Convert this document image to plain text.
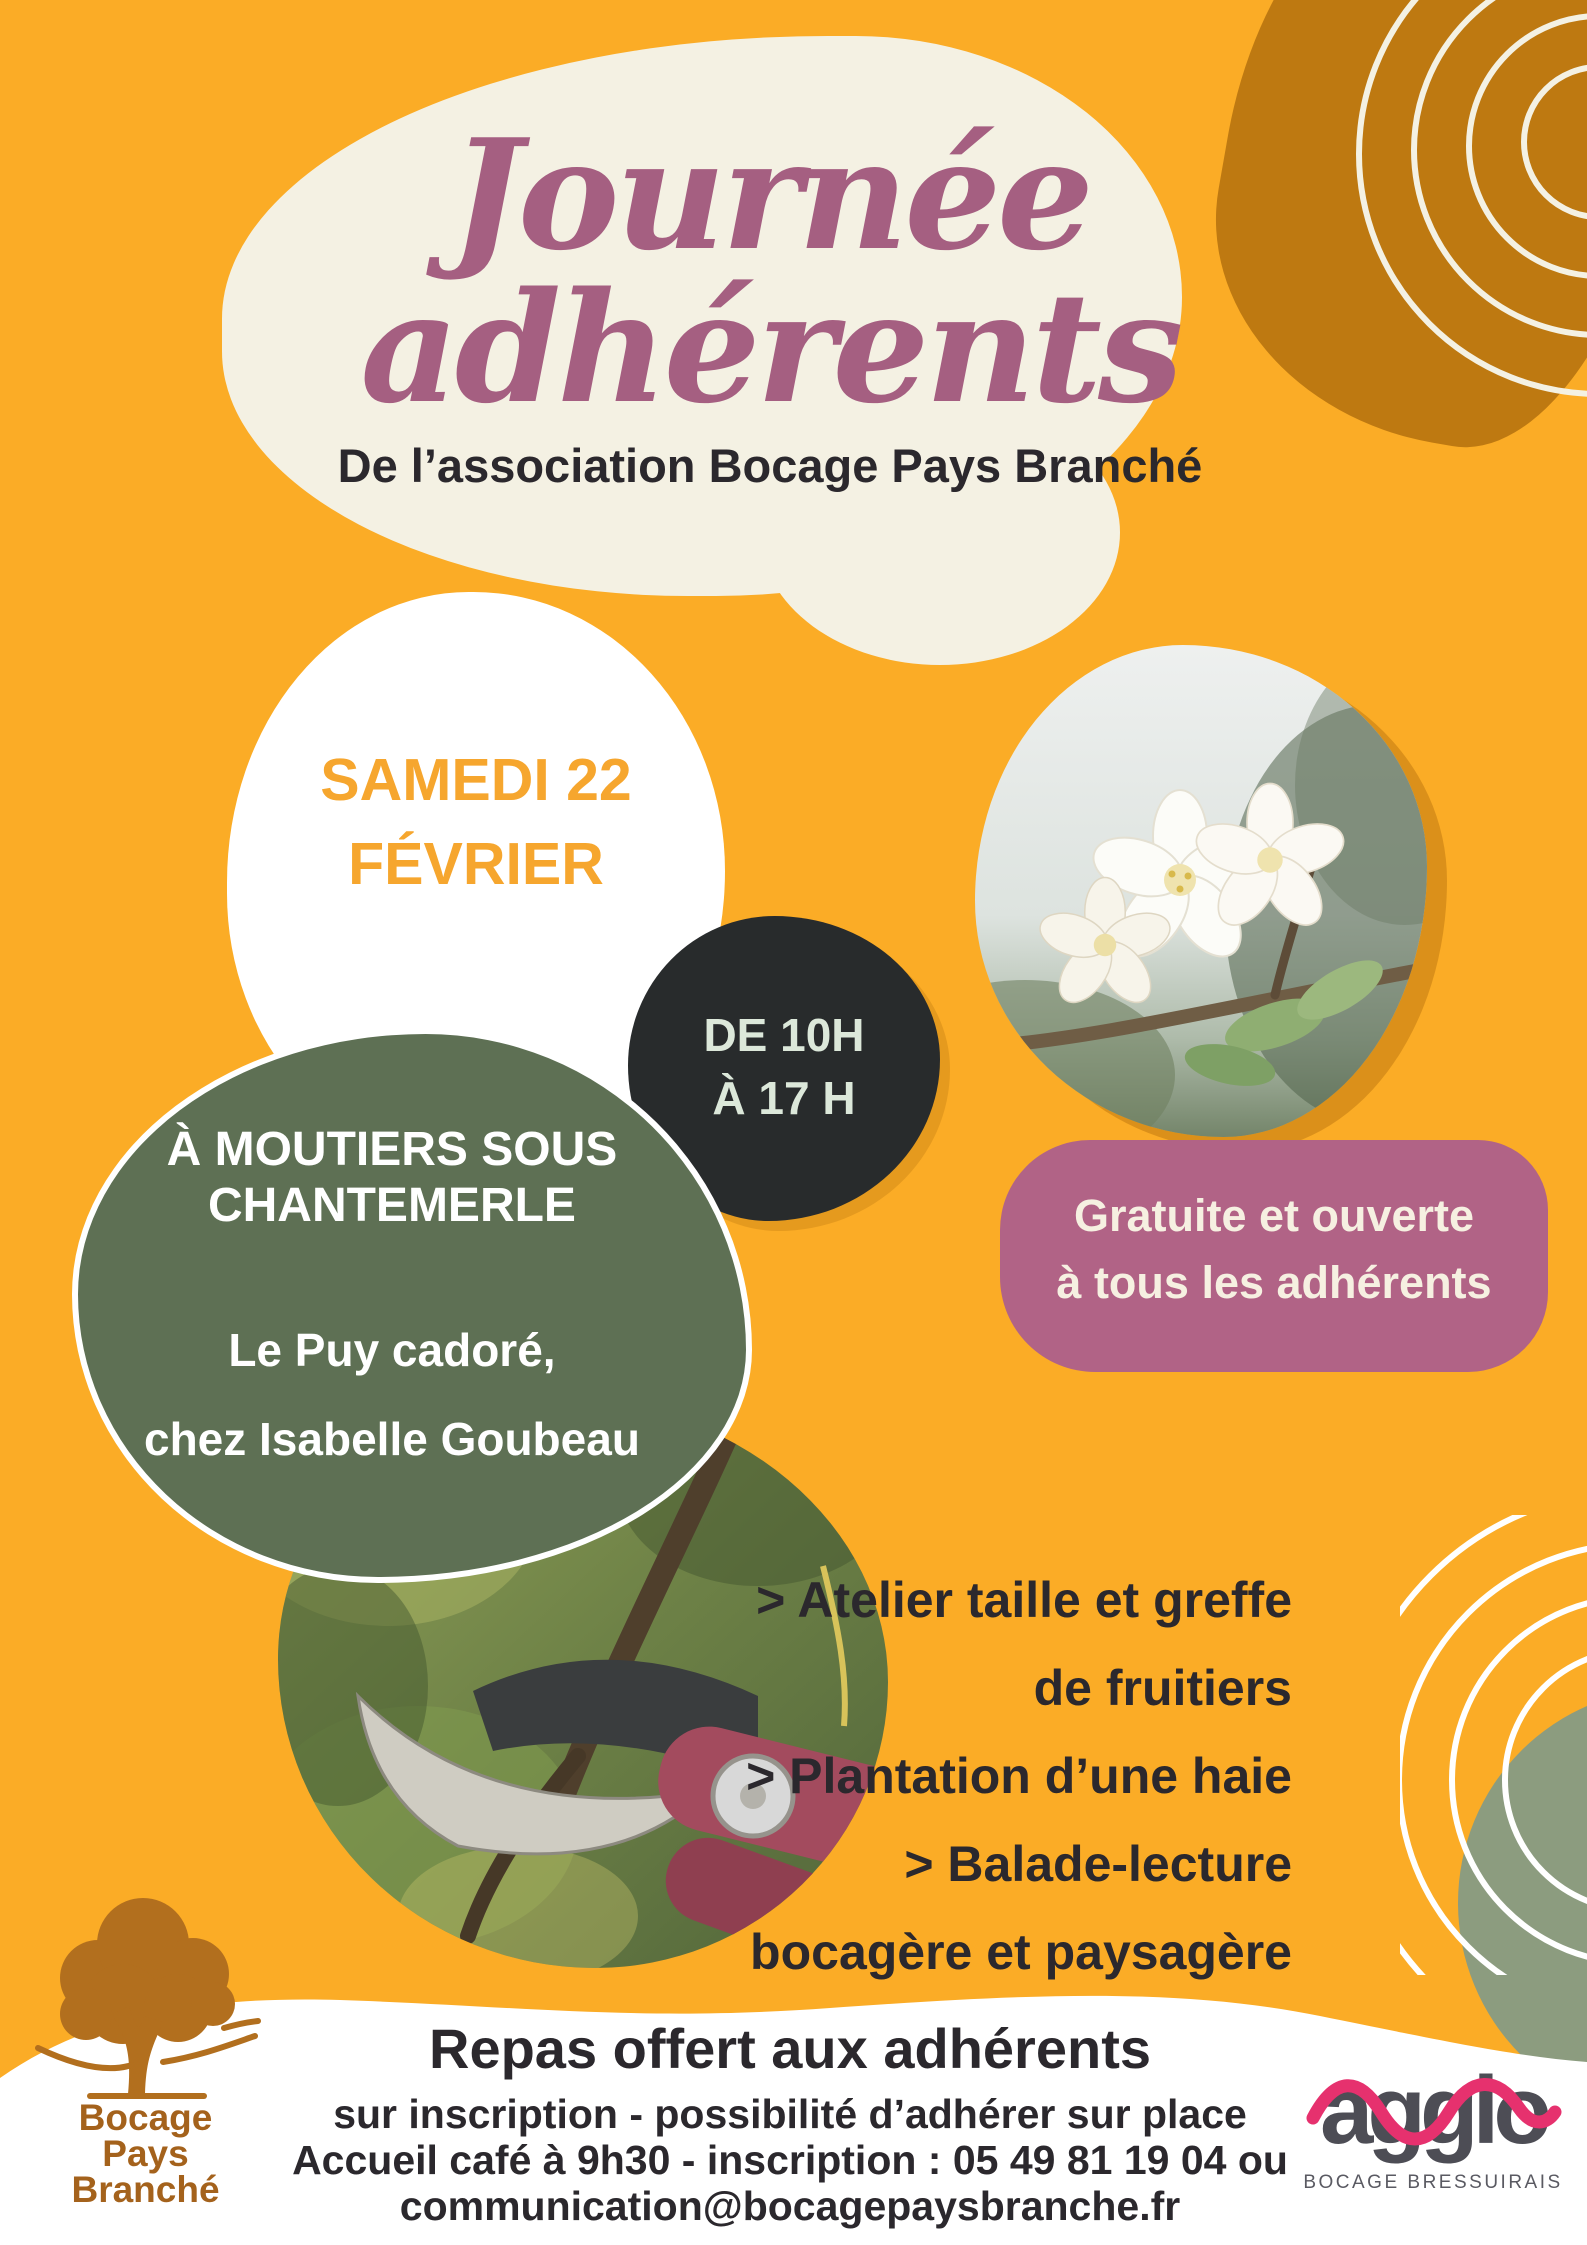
Journée
adhérents
De l’association Bocage Pays Branché
SAMEDI 22
FÉVRIER
DE 10H
À 17 H
À MOUTIERS SOUS
CHANTEMERLE
Le Puy cadoré,
chez Isabelle Goubeau
Gratuite et ouverte
à tous les adhérents
> Atelier taille et greffe
de fruitiers
> Plantation d’une haie
> Balade-lecture
bocagère et paysagère
Repas offert aux adhérents
sur inscription - possibilité d’adhérer sur place
Accueil café à 9h30 - inscription : 05 49 81 19 04 ou
communication@bocagepaysbranche.fr
Bocage
Pays
Branché
agglo
BOCAGE BRESSUIRAIS
